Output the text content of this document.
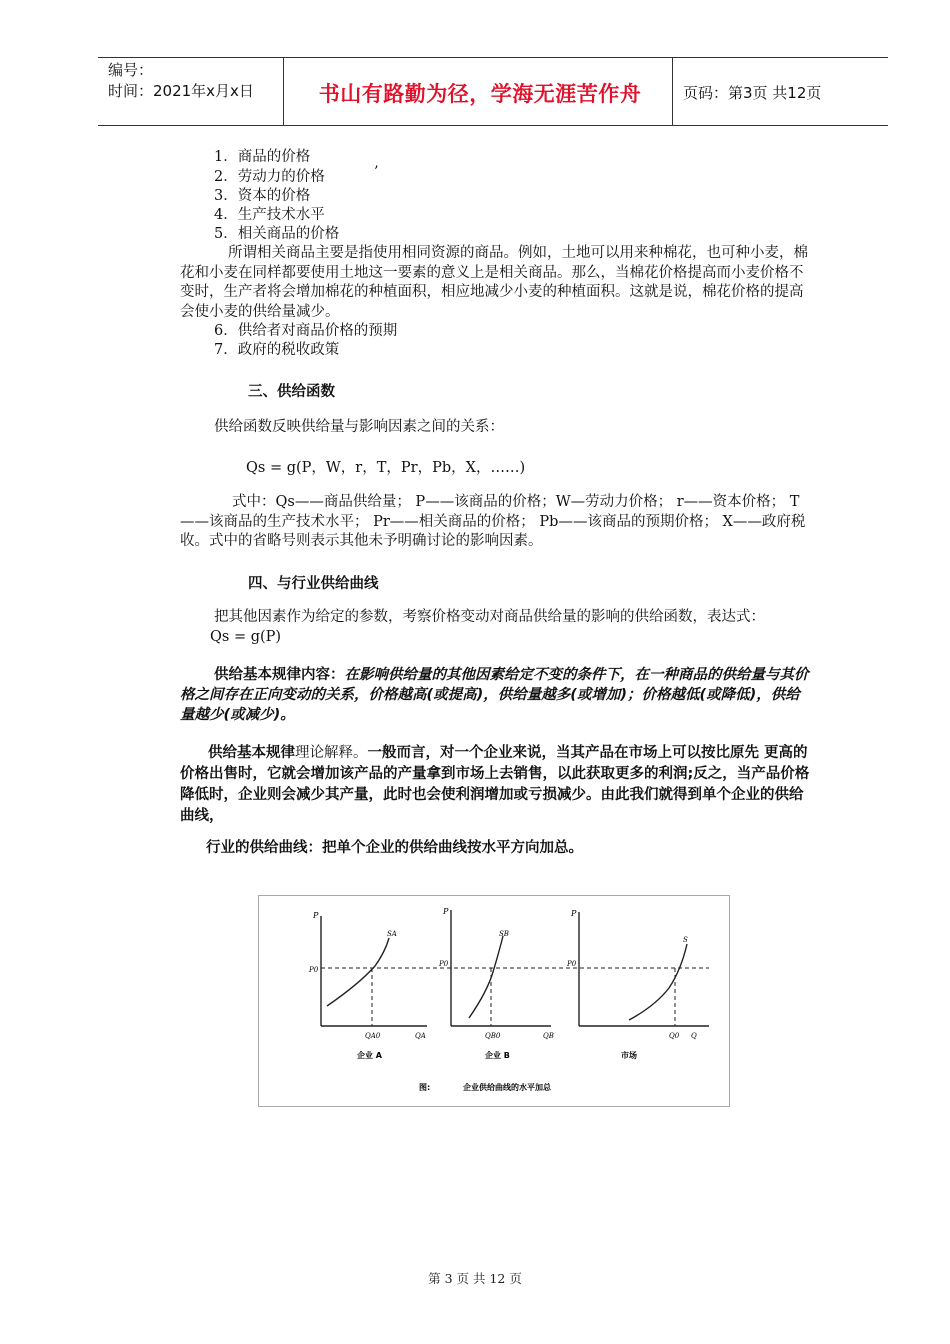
编号：
时间：2021年x月x日	书山有路勤为径，学海无涯苦作舟	页码：第3页 共12页
1．商品的价格
2．劳动力的价格	’
3．资本的价格
4．生产技术水平
5．相关商品的价格
所谓相关商品主要是指使用相同资源的商品。例如，土地可以用来种棉花，也可种小麦，棉花和小麦在同样都要使用土地这一要素的意义上是相关商品。那么，当棉花价格提高而小麦价格不变时，生产者将会增加棉花的种植面积，相应地减少小麦的种植面积。这就是说，棉花价格的提高会使小麦的供给量减少。
6．供给者对商品价格的预期
7．政府的税收政策
三、供给函数
供给函数反映供给量与影响因素之间的关系：
Qs = g(P，W，r，T，Pr，Pb，X，……)
式中：Qs——商品供给量； P——该商品的价格；W—劳动力价格； r——资本价格； T——该商品的生产技术水平； Pr——相关商品的价格； Pb——该商品的预期价格； X——政府税收。式中的省略号则表示其他未予明确讨论的影响因素。
四、与行业供给曲线
把其他因素作为给定的参数，考察价格变动对商品供给量的影响的供给函数，表达式： Qs = g(P)
供给基本规律内容：在影响供给量的其他因素给定不变的条件下，在一种商品的供给量与其价格之间存在正向变动的关系，价格越高(或提高)，供给量越多(或增加)；价格越低(或降低)，供给量越少(或减少)。
供给基本规律理论解释。一般而言，对一个企业来说，当其产品在市场上可以按比原先 更高的价格出售时，它就会增加该产品的产量拿到市场上去销售，以此获取更多的利润;反之，当产品价格降低时，企业则会减少其产量，此时也会使利润增加或亏损减少。由此我们就得到单个企业的供给曲线，
行业的供给曲线：把单个企业的供给曲线按水平方向加总。
P
P0
SA
QA0	QA
企业 A
P
P0
SB
QB0	QB
企业 B
P
P0
S
Q0 Q
市场
图:	企业供给曲线的水平加总
第 3 页 共 12 页
